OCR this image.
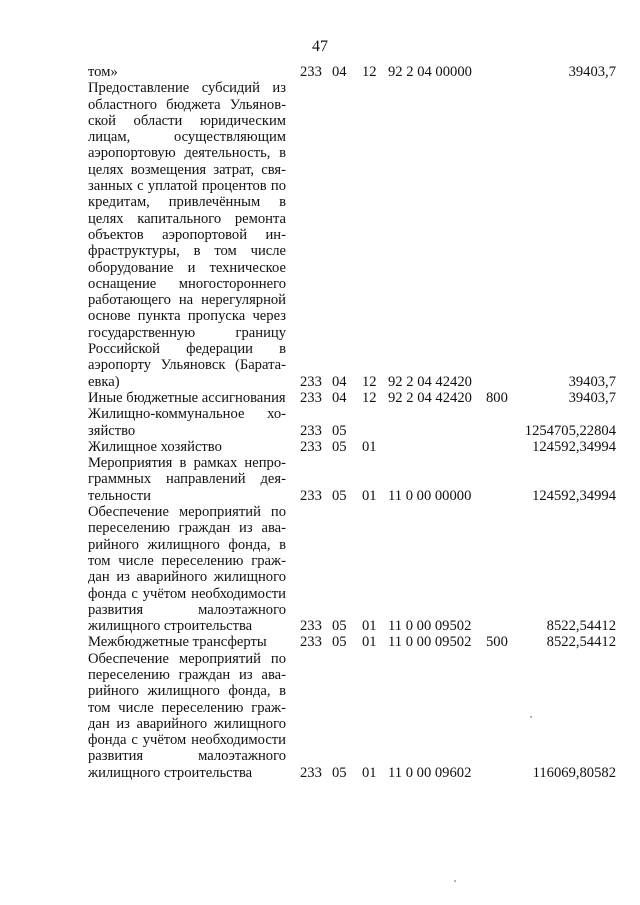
47
том»	233 04	12 92 2 04 00000	39403,7
Предоставление субсидий из областного бюджета Ульяновской области юридическим лицам, осуществляющим аэропортовую деятельность, в целях возмещения затрат, связанных с уплатой процентов по кредитам, привлечённым в целях капитального ремонта объектов аэропортовой инфраструктуры, в том числе оборудование и техническое оснащение многостороннего работающего на нерегулярной основе пункта пропуска через государственную границу Российской федерации в аэропорту Ульяновск (Баратаевка)	233 04	12 92 2 04 42420	39403,7
Иные бюджетные ассигнования 233 04	12 92 2 04 42420 800	39403,7
Жилищно-коммунальное хозяйство	233 05	1254705,22804
Жилищное хозяйство	233 05	01	124592,34994
Мероприятия в рамках непрограммных направлений деятельности	233 05	01 11 0 00 00000	124592,34994
Обеспечение мероприятий по переселению граждан из аварийного жилищного фонда, в том числе переселению граждан из аварийного жилищного фонда с учётом необходимости развития малоэтажного жилищного строительства	233 05	01 11 0 00 09502	8522,54412
Межбюджетные трансферты	233 05	01 11 0 00 09502	500	8522,54412
Обеспечение мероприятий по переселению граждан из аварийного жилищного фонда, в том числе переселению граждан из аварийного жилищного фонда с учётом необходимости развития малоэтажного жилищного строительства	233 05	01 11 0 00 09602	116069,80582
